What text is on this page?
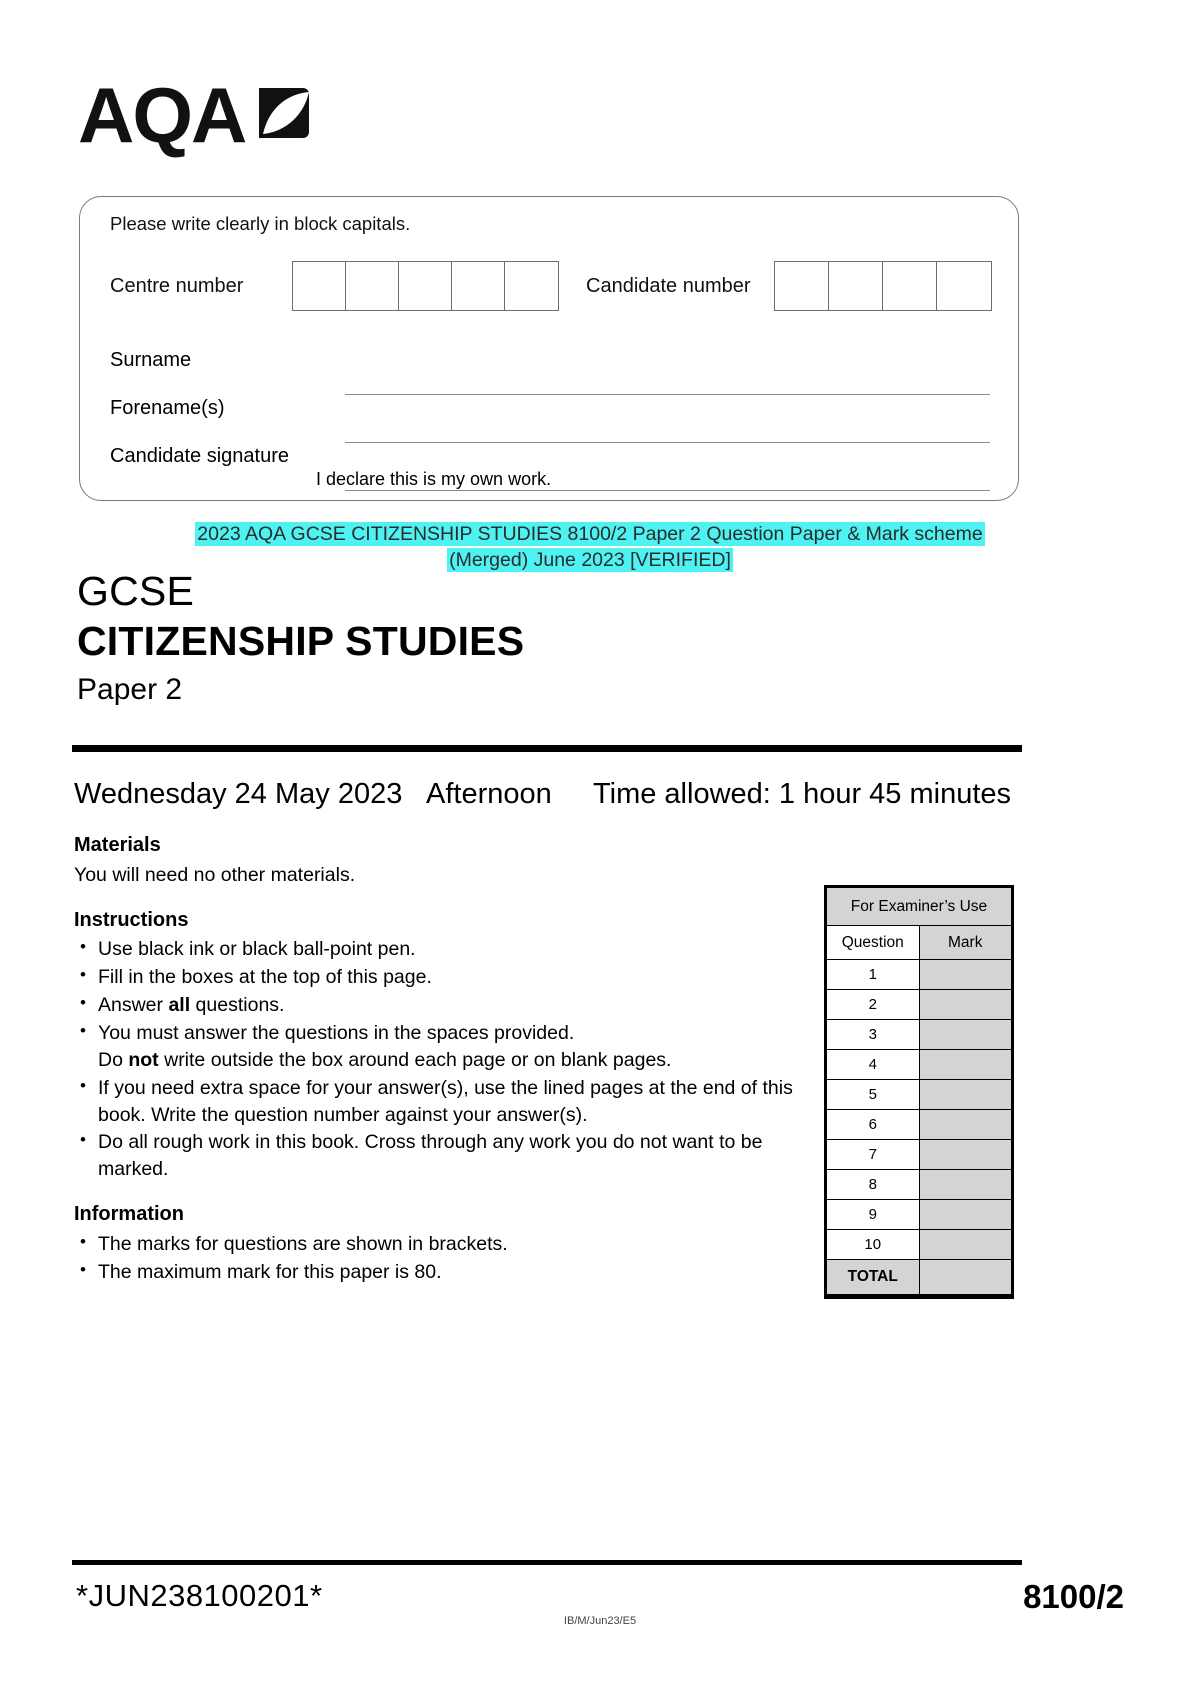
AQA
Please write clearly in block capitals.
Centre number	Candidate number
Surname
Forename(s)
Candidate signature
I declare this is my own work.
2023 AQA GCSE CITIZENSHIP STUDIES 8100/2 Paper 2 Question Paper & Mark scheme
(Merged) June 2023 [VERIFIED]
GCSE
CITIZENSHIP STUDIES
Paper 2
Wednesday 24 May 2023 Afternoon	Time allowed: 1 hour 45 minutes
Materials
You will need no other materials.
Instructions
• Use black ink or black ball-point pen.
• Fill in the boxes at the top of this page.
• Answer all questions.
• You must answer the questions in the spaces provided.
Do not write outside the box around each page or on blank pages.
• If you need extra space for your answer(s), use the lined pages at the end of this book. Write the question number against your answer(s).
• Do all rough work in this book. Cross through any work you do not want to be marked.
Information
• The marks for questions are shown in brackets.
• The maximum mark for this paper is 80.
For Examiner’s Use	
Question	Mark
1	
2	
3	
4	
5	
6	
7	
8	
9	
10	
TOTAL	
*JUN238100201*
IB/M/Jun23/E5
8100/2
